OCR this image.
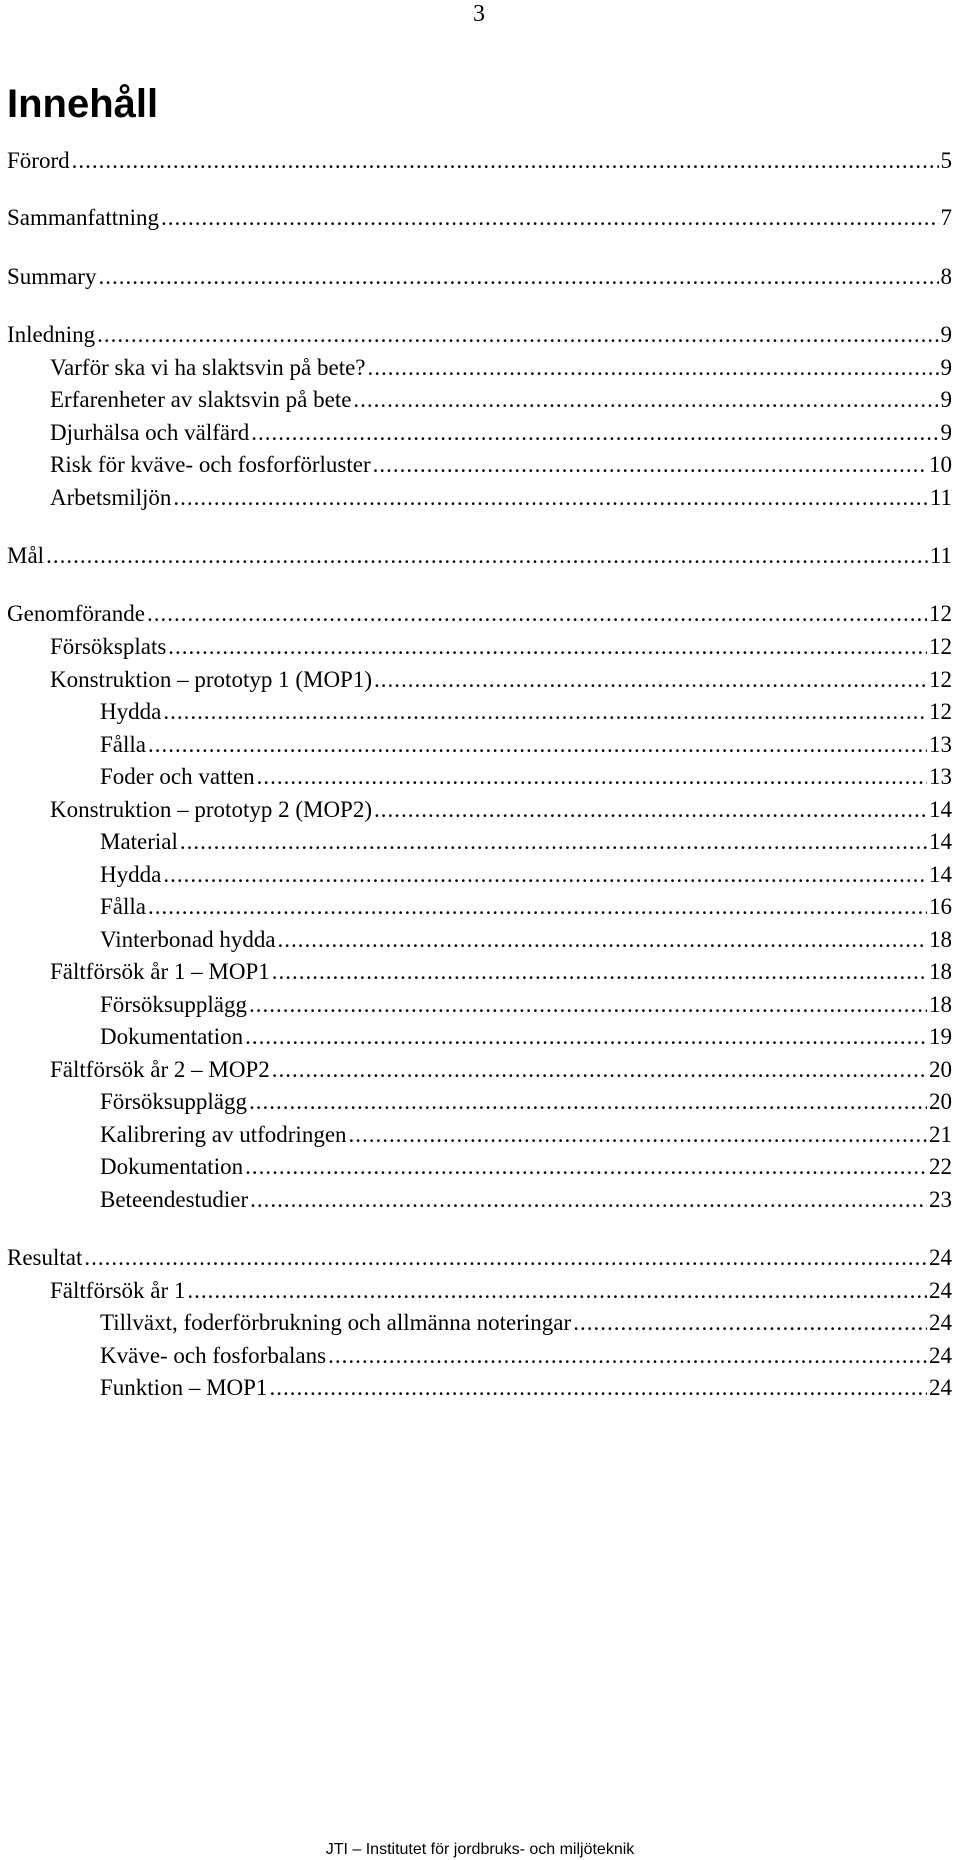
3
Innehåll
Förord .....	5
Sammanfattning .....	7
Summary .....	8
Inledning .....	9
Varför ska vi ha slaktsvin på bete? .....	9
Erfarenheter av slaktsvin på bete .....	9
Djurhälsa och välfärd .....	9
Risk för kväve- och fosforförluster .....	10
Arbetsmiljön .....	11
Mål .....	11
Genomförande .....	12
Försöksplats .....	12
Konstruktion – prototyp 1 (MOP1) .....	12
Hydda .....	12
Fålla .....	13
Foder och vatten .....	13
Konstruktion – prototyp 2 (MOP2) .....	14
Material .....	14
Hydda .....	14
Fålla .....	16
Vinterbonad hydda .....	18
Fältförsök år 1 – MOP1 .....	18
Försöksupplägg .....	18
Dokumentation .....	19
Fältförsök år 2 – MOP2 .....	20
Försöksupplägg .....	20
Kalibrering av utfodringen .....	21
Dokumentation .....	22
Beteendestudier .....	23
Resultat .....	24
Fältförsök år 1 .....	24
Tillväxt, foderförbrukning och allmänna noteringar .....	24
Kväve- och fosforbalans .....	24
Funktion – MOP1 .....	24
JTI – Institutet för jordbruks- och miljöteknik
